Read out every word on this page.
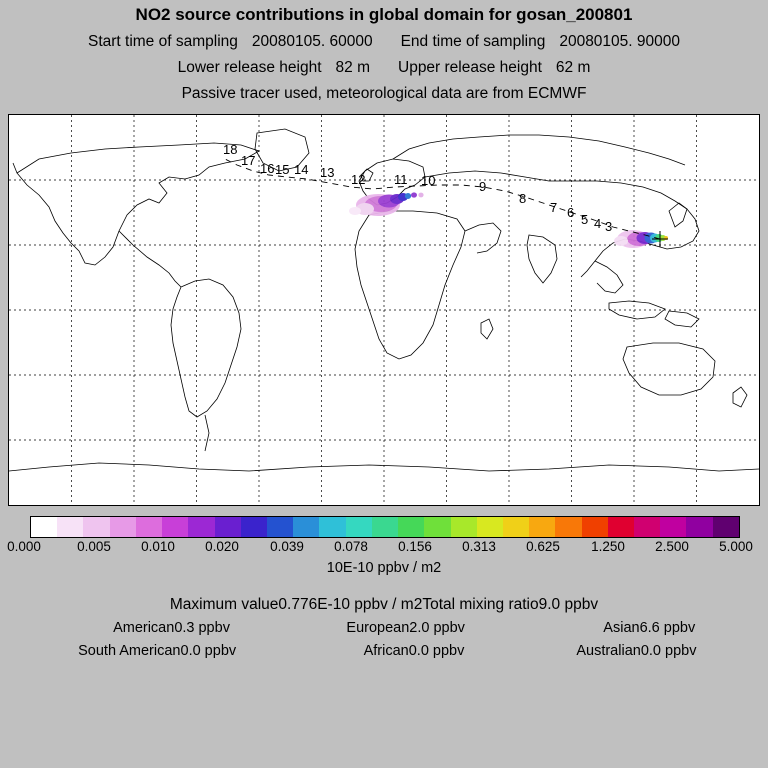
NO2 source contributions in global domain for gosan_200801
Start time of sampling 20080105. 60000 End time of sampling 20080105. 90000
Lower release height 82 m Upper release height 62 m
Passive tracer used, meteorological data are from ECMWF
18
17
16 15 14 13 12 11 10	9
8
7 6 5 4 3
0.000	0.005 0.010 0.020 0.039 0.078 0.156 0.313 0.625 1.250 2.500 5.000
10E-10 ppbv / m2
Maximum value0.776E-10 ppbv / m2Total mixing ratio9.0 ppbv
American	0.3 ppbv	European	2.0 ppbv	Asian	6.6 ppbv
South American	0.0 ppbv	African	0.0 ppbv	Australian	0.0 ppbv
